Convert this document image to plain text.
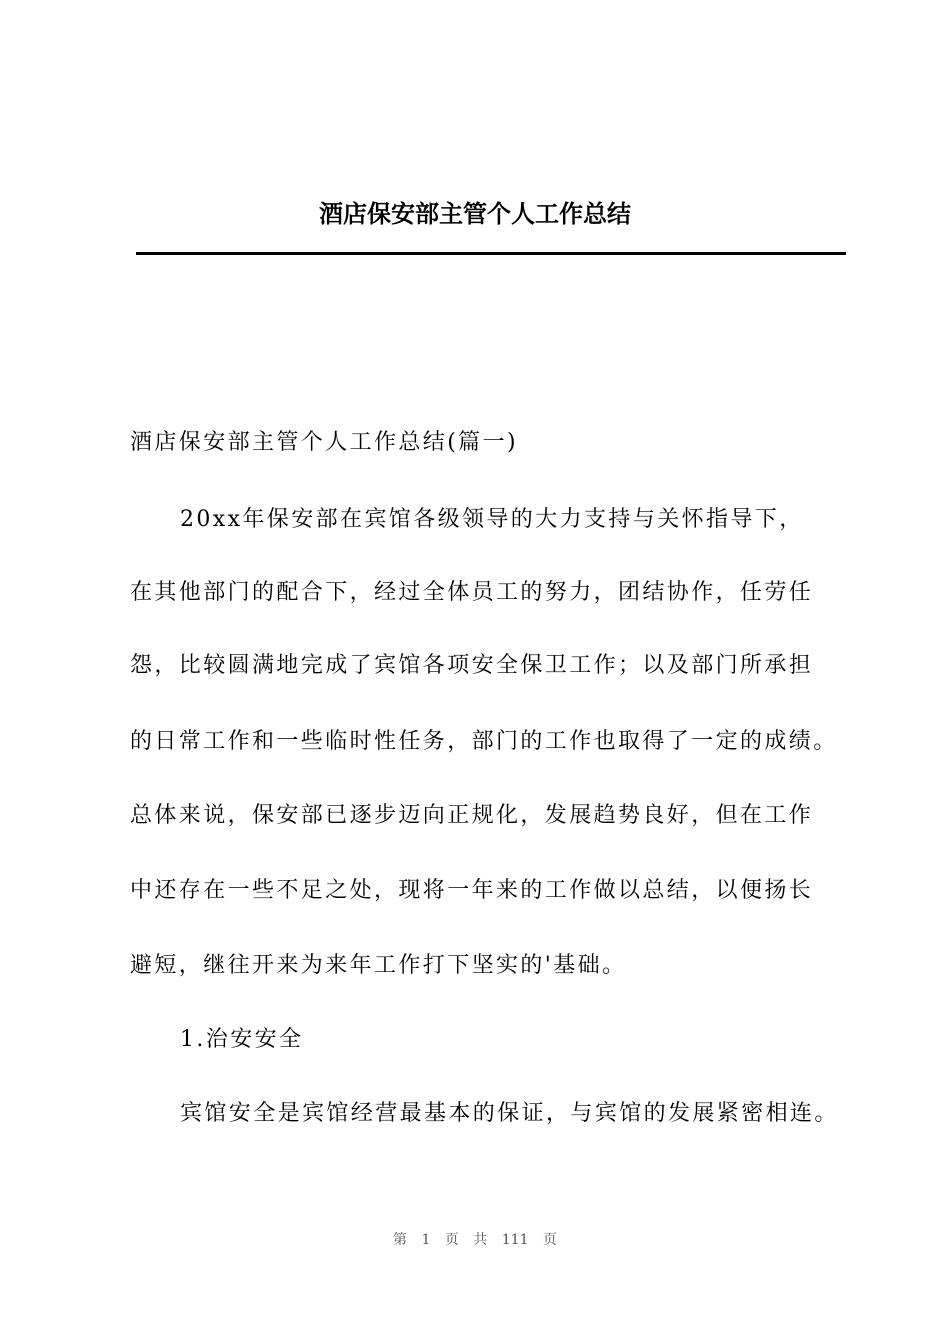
酒店保安部主管个人工作总结
酒店保安部主管个人工作总结(篇一)
20xx年保安部在宾馆各级领导的大力支持与关怀指导下，
在其他部门的配合下，经过全体员工的努力，团结协作，任劳任
怨，比较圆满地完成了宾馆各项安全保卫工作；以及部门所承担
的日常工作和一些临时性任务，部门的工作也取得了一定的成绩。
总体来说，保安部已逐步迈向正规化，发展趋势良好，但在工作
中还存在一些不足之处，现将一年来的工作做以总结，以便扬长
避短，继往开来为来年工作打下坚实的'基础。
1.治安安全
宾馆安全是宾馆经营最基本的保证，与宾馆的发展紧密相连。
第 1 页 共 111 页
